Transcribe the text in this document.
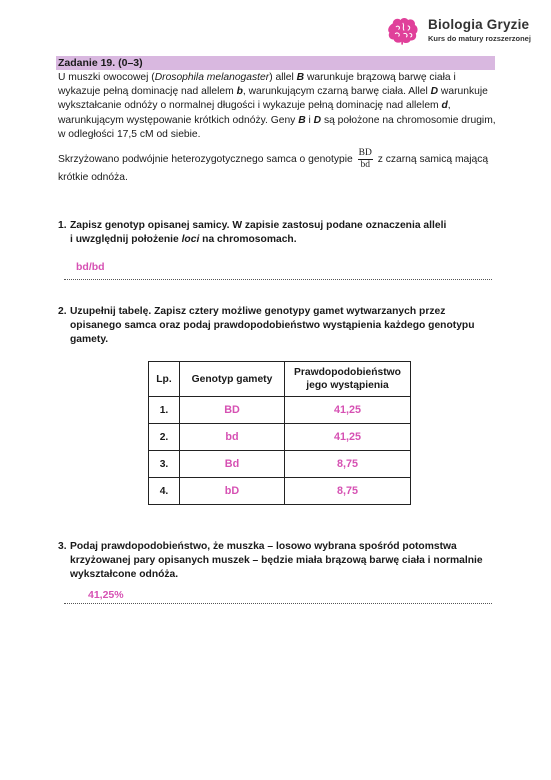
Biologia Gryzie
Kurs do matury rozszerzonej
Zadanie 19. (0–3)
U muszki owocowej (Drosophila melanogaster) allel B warunkuje brązową barwę ciała i wykazuje pełną dominację nad allelem b, warunkującym czarną barwę ciała. Allel D warunkuje wykształcanie odnóży o normalnej długości i wykazuje pełną dominację nad allelem d, warunkującym występowanie krótkich odnóży. Geny B i D są położone na chromosomie drugim, w odległości 17,5 cM od siebie.
Skrzyżowano podwójnie heterozygotycznego samca o genotypie $\frac{BD}{bd}$ z czarną samicą mającą krótkie odnóża.
1. Zapisz genotyp opisanej samicy. W zapisie zastosuj podane oznaczenia alleli
i uwzględnij położenie loci na chromosomach.
bd/bd
2. Uzupełnij tabelę. Zapisz cztery możliwe genotypy gamet wytwarzanych przez
opisanego samca oraz podaj prawdopodobieństwo wystąpienia każdego genotypu
gamety.
Lp.	Genotyp gamety	Prawdopodobieństwo
jego wystąpienia
1.	BD	41,25
2.	bd	41,25
3.	Bd	8,75
4.	bD	8,75
3. Podaj prawdopodobieństwo, że muszka – losowo wybrana spośród potomstwa
krzyżowanej pary opisanych muszek – będzie miała brązową barwę ciała i normalnie
wykształcone odnóża.
41,25%
